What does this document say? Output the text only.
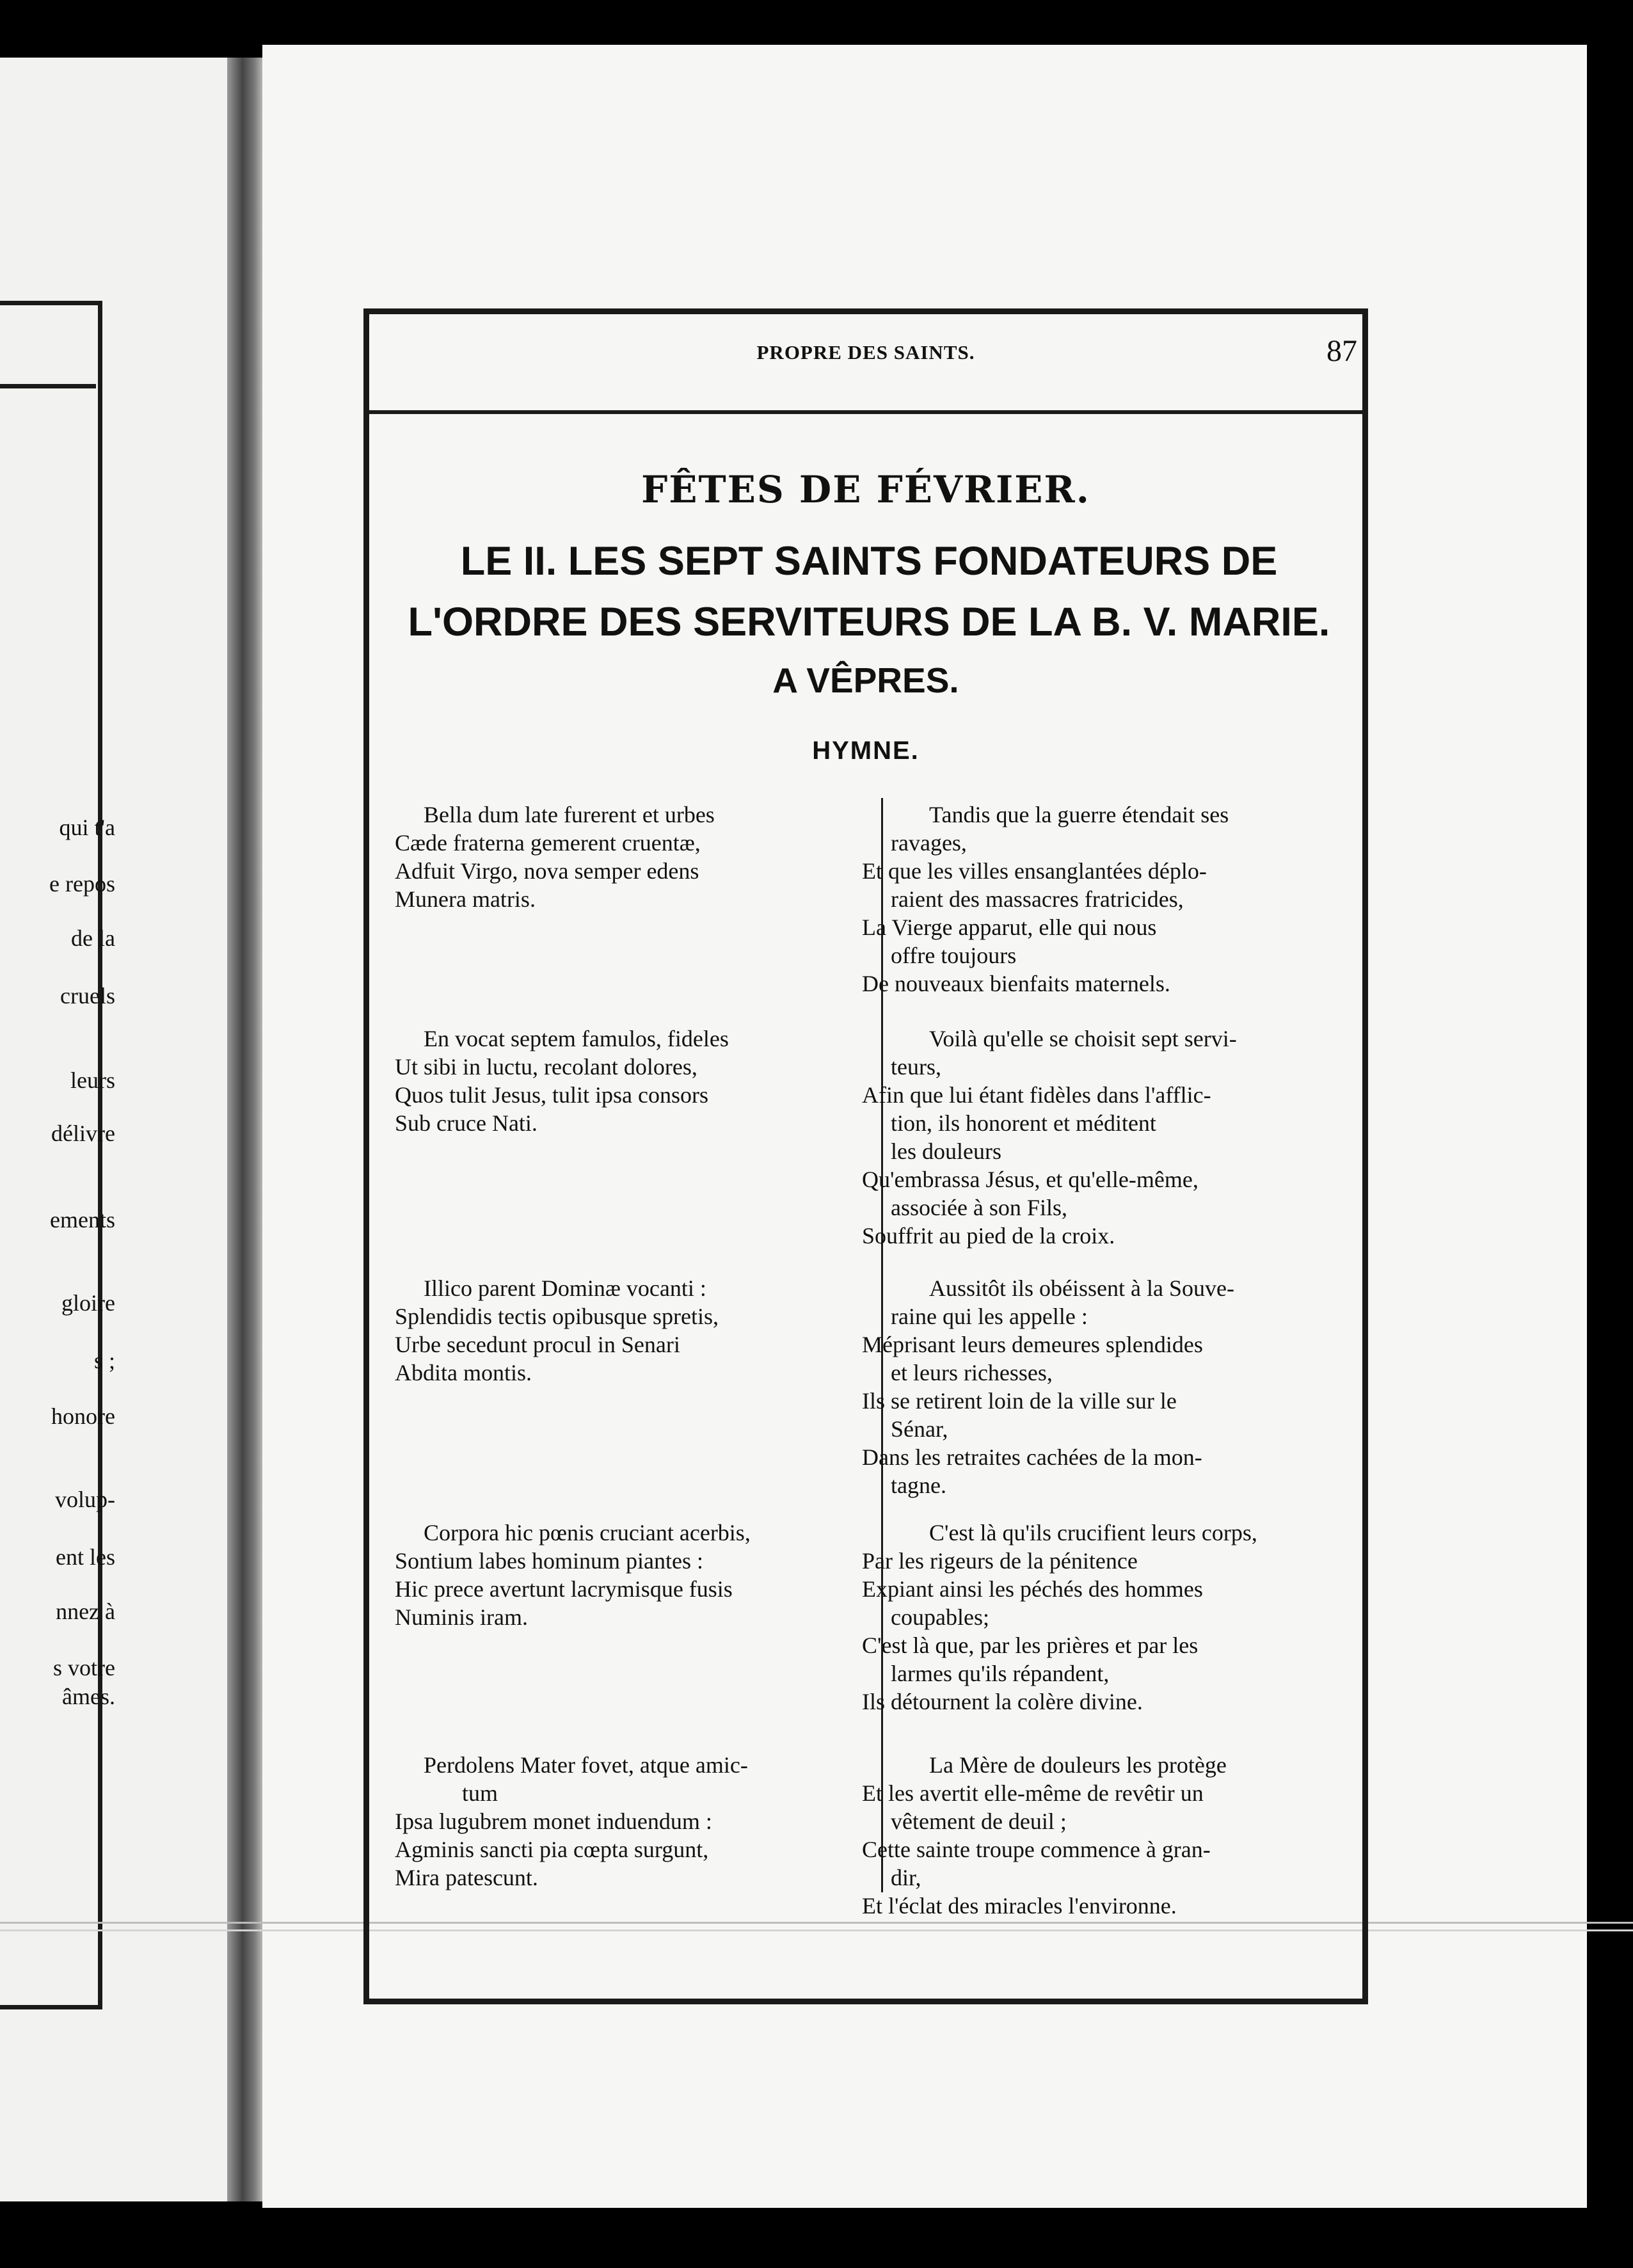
qui t'a
e repos
de la
cruels
leurs
délivre
ements
gloire
s ;
honore
volup-
ent les
nnez à
s votre
âmes.
PROPRE DES SAINTS.	87
FÊTES DE FÉVRIER.
LE II. LES SEPT SAINTS FONDATEURS DE
L'ORDRE DES SERVITEURS DE LA B. V. MARIE.
A VÊPRES.
HYMNE.
Bella dum late furerent et urbes
Cæde fraterna gemerent cruentæ,
Adfuit Virgo, nova semper edens
Munera matris.
En vocat septem famulos, fideles
Ut sibi in luctu, recolant dolores,
Quos tulit Jesus, tulit ipsa consors
Sub cruce Nati.
Illico parent Dominæ vocanti :
Splendidis tectis opibusque spretis,
Urbe secedunt procul in Senari
Abdita montis.
Corpora hic pœnis cruciant acerbis,
Sontium labes hominum piantes :
Hic prece avertunt lacrymisque fusis
Numinis iram.
Perdolens Mater fovet, atque amic-
tum
Ipsa lugubrem monet induendum :
Agminis sancti pia cœpta surgunt,
Mira patescunt.
Tandis que la guerre étendait ses
ravages,
Et que les villes ensanglantées déplo-
raient des massacres fratricides,
La Vierge apparut, elle qui nous
offre toujours
De nouveaux bienfaits maternels.
Voilà qu'elle se choisit sept servi-
teurs,
Afin que lui étant fidèles dans l'afflic-
tion, ils honorent et méditent
les douleurs
Qu'embrassa Jésus, et qu'elle-même,
associée à son Fils,
Souffrit au pied de la croix.
Aussitôt ils obéissent à la Souve-
raine qui les appelle :
Méprisant leurs demeures splendides
et leurs richesses,
Ils se retirent loin de la ville sur le
Sénar,
Dans les retraites cachées de la mon-
tagne.
C'est là qu'ils crucifient leurs corps,
Par les rigeurs de la pénitence
Expiant ainsi les péchés des hommes
coupables;
C'est là que, par les prières et par les
larmes qu'ils répandent,
Ils détournent la colère divine.
La Mère de douleurs les protège
Et les avertit elle-même de revêtir un
vêtement de deuil ;
Cette sainte troupe commence à gran-
dir,
Et l'éclat des miracles l'environne.
